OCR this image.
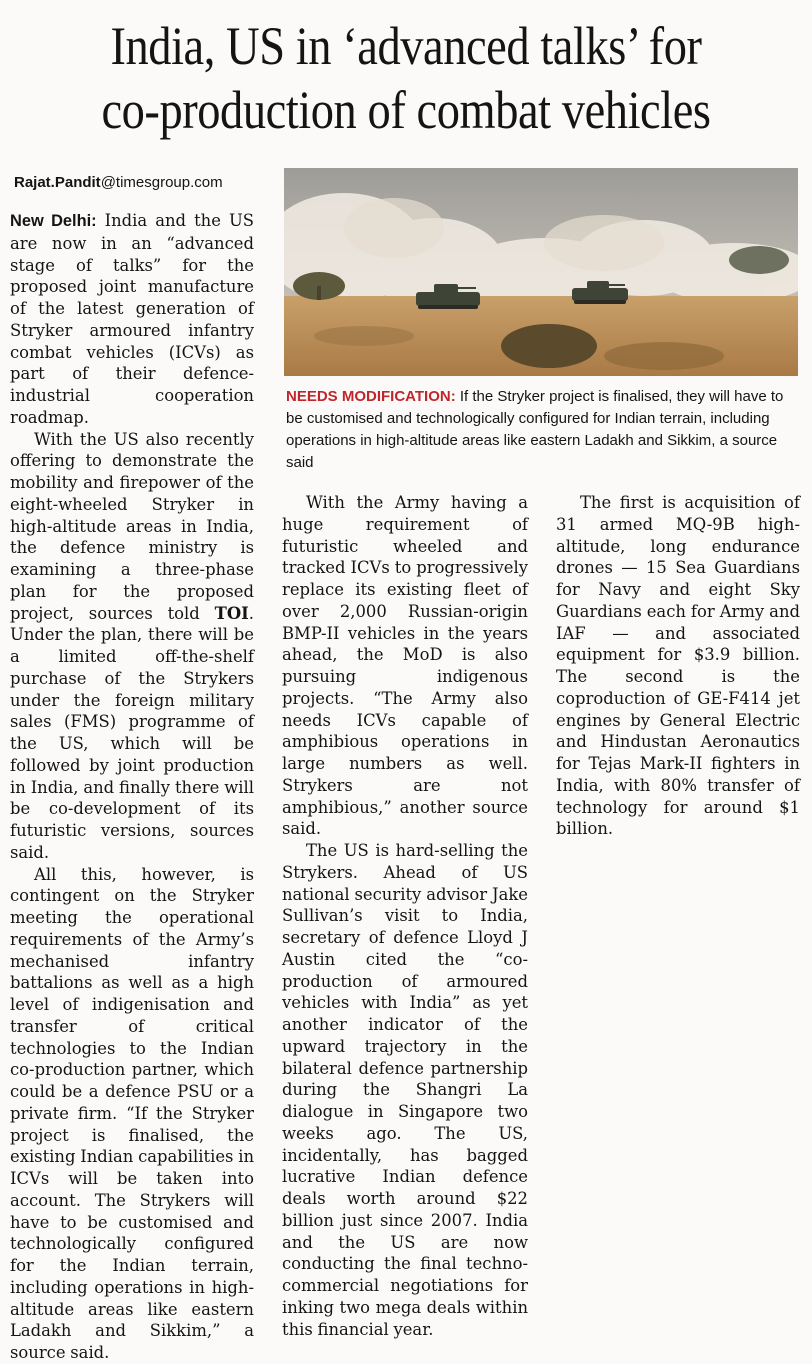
India, US in ‘advanced talks’ for
co-production of combat vehicles

Rajat.Pandit@timesgroup.com

NEEDS MODIFICATION: If the Stryker project is finalised, they will have to be customised and technologically configured for Indian terrain, including operations in high-altitude areas like eastern Ladakh and Sikkim, a source said

New Delhi: India and the US are now in an “advanced stage of talks” for the proposed joint manufacture of the latest generation of Stryker armoured infantry combat vehicles (ICVs) as part of their defence-industrial cooperation roadmap.

With the US also recently offering to demonstrate the mobility and firepower of the eight-wheeled Stryker in high-altitude areas in India, the defence ministry is examining a three-phase plan for the proposed project, sources told TOI. Under the plan, there will be a limited off-the-shelf purchase of the Strykers under the foreign military sales (FMS) programme of the US, which will be followed by joint production in India, and finally there will be co-development of its futuristic versions, sources said.

All this, however, is contingent on the Stryker meeting the operational requirements of the Army’s mechanised infantry battalions as well as a high level of indigenisation and transfer of critical technologies to the Indian co-production partner, which could be a defence PSU or a private firm. “If the Stryker project is finalised, the existing Indian capabilities in ICVs will be taken into account. The Strykers will have to be customised and technologically configured for the Indian terrain, including operations in high-altitude areas like eastern Ladakh and Sikkim,” a source said.

With the Army having a huge requirement of futuristic wheeled and tracked ICVs to progressively replace its existing fleet of over 2,000 Russian-origin BMP-II vehicles in the years ahead, the MoD is also pursuing indigenous projects. “The Army also needs ICVs capable of amphibious operations in large numbers as well. Strykers are not amphibious,” another source said.

The US is hard-selling the Strykers. Ahead of US national security advisor Jake Sullivan’s visit to India, secretary of defence Lloyd J Austin cited the “co-production of armoured vehicles with India” as yet another indicator of the upward trajectory in the bilateral defence partnership during the Shangri La dialogue in Singapore two weeks ago. The US, incidentally, has bagged lucrative Indian defence deals worth around $22 billion just since 2007. India and the US are now conducting the final techno-commercial negotiations for inking two mega deals within this financial year.

The first is acquisition of 31 armed MQ-9B high-altitude, long endurance drones — 15 Sea Guardians for Navy and eight Sky Guardians each for Army and IAF — and associated equipment for $3.9 billion. The second is the coproduction of GE-F414 jet engines by General Electric and Hindustan Aeronautics for Tejas Mark-II fighters in India, with 80% transfer of technology for around $1 billion.
